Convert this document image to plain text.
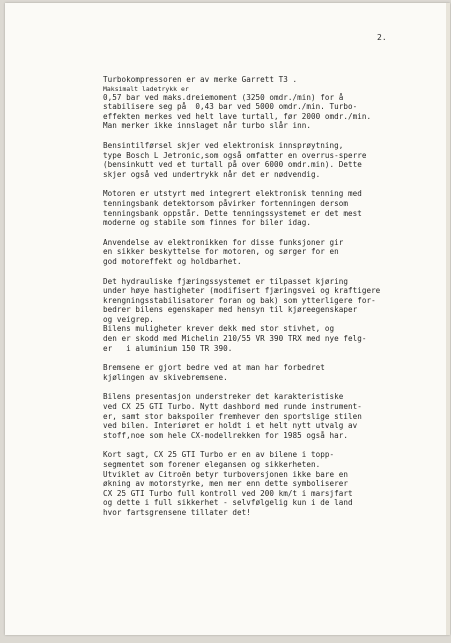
2.
Turbokompressoren er av merke Garrett T3 .
Maksimalt ladetrykk er
0,57 bar ved maks.dreiemoment (3250 omdr./min) for å
stabilisere seg på  0,43 bar ved 5000 omdr./min. Turbo-
effekten merkes ved helt lave turtall, før 2000 omdr./min.
Man merker ikke innslaget når turbo slår inn.
Bensintilførsel skjer ved elektronisk innsprøytning,
type Bosch L Jetronic,som også omfatter en overrus-sperre
(bensinkutt ved et turtall på over 6000 omdr.min). Dette
skjer også ved undertrykk når det er nødvendig.
Motoren er utstyrt med integrert elektronisk tenning med
tenningsbank detektorsom påvirker fortenningen dersom
tenningsbank oppstår. Dette tenningssystemet er det mest
moderne og stabile som finnes for biler idag.
Anvendelse av elektronikken for disse funksjoner gir
en sikker beskyttelse for motoren, og sørger for en
god motoreffekt og holdbarhet.
Det hydrauliske fjæringssystemet er tilpasset kjøring
under høye hastigheter (modifisert fjæringsvei og kraftigere
krengningsstabilisatorer foran og bak) som ytterligere for-
bedrer bilens egenskaper med hensyn til kjøreegenskaper
og veigrep.
Bilens muligheter krever dekk med stor stivhet, og
den er skodd med Michelin 210/55 VR 390 TRX med nye felg-
er   i aluminium 150 TR 390.
Bremsene er gjort bedre ved at man har forbedret
kjølingen av skivebremsene.
Bilens presentasjon understreker det karakteristiske
ved CX 25 GTI Turbo. Nytt dashbord med runde instrument-
er, samt stor bakspoiler fremhever den sportslige stilen
ved bilen. Interiøret er holdt i et helt nytt utvalg av
stoff,noe som hele CX-modellrekken for 1985 også har.
Kort sagt, CX 25 GTI Turbo er en av bilene i topp-
segmentet som forener elegansen og sikkerheten.
Utviklet av Citroën betyr turboversjonen ikke bare en
økning av motorstyrke, men mer enn dette symboliserer
CX 25 GTI Turbo full kontroll ved 200 km/t i marsjfart
og dette i full sikkerhet - selvfølgelig kun i de land
hvor fartsgrensene tillater det!
